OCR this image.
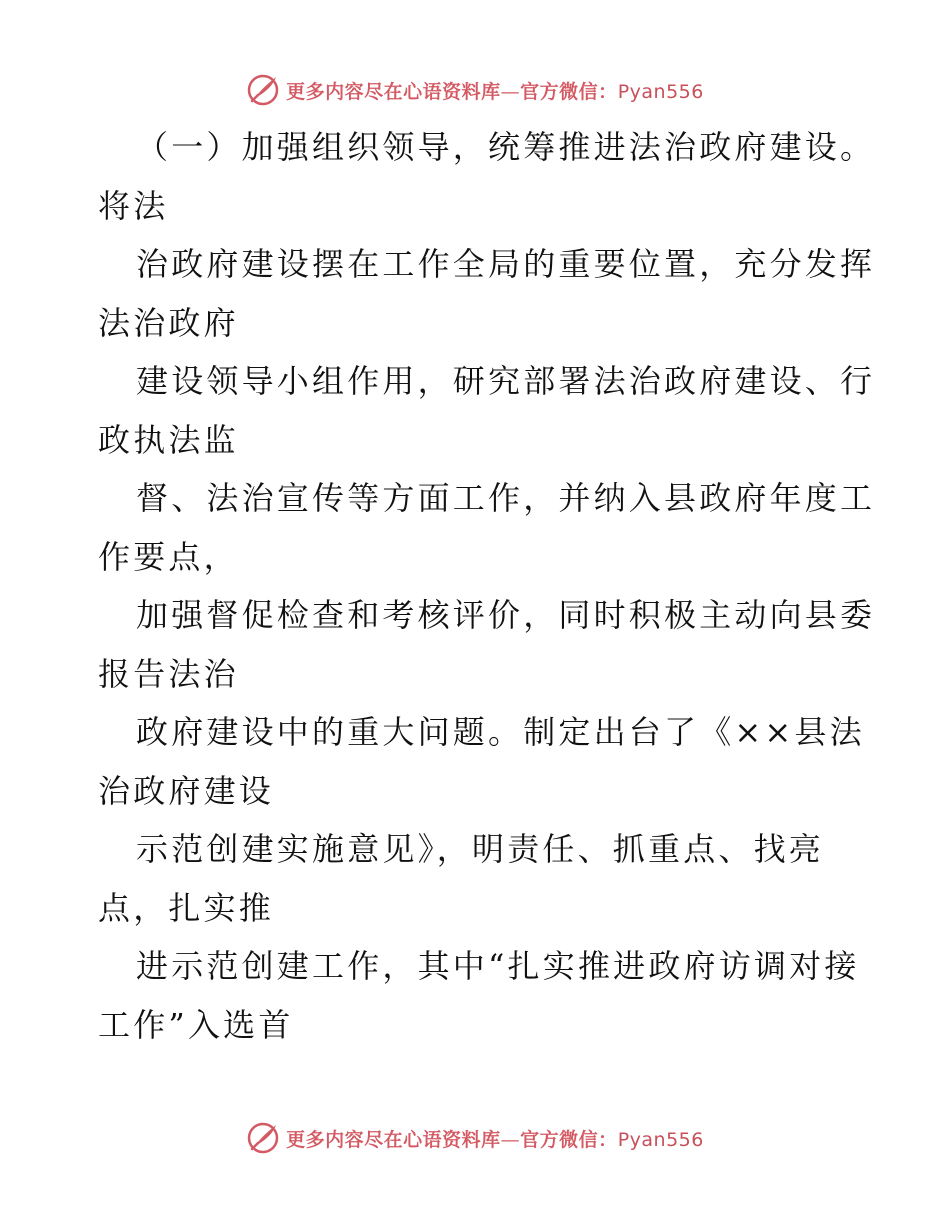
更多内容尽在心语资料库—官方微信：Pyan556
（一）加强组织领导，统筹推进法治政府建设。
将法
治政府建设摆在工作全局的重要位置，充分发挥
法治政府
建设领导小组作用，研究部署法治政府建设、行
政执法监
督、法治宣传等方面工作，并纳入县政府年度工
作要点，
加强督促检查和考核评价，同时积极主动向县委
报告法治
政府建设中的重大问题。制定出台了《××县法
治政府建设
示范创建实施意见》，明责任、抓重点、找亮
点，扎实推
进示范创建工作，其中“扎实推进政府访调对接
工作”入选首
更多内容尽在心语资料库—官方微信：Pyan556
